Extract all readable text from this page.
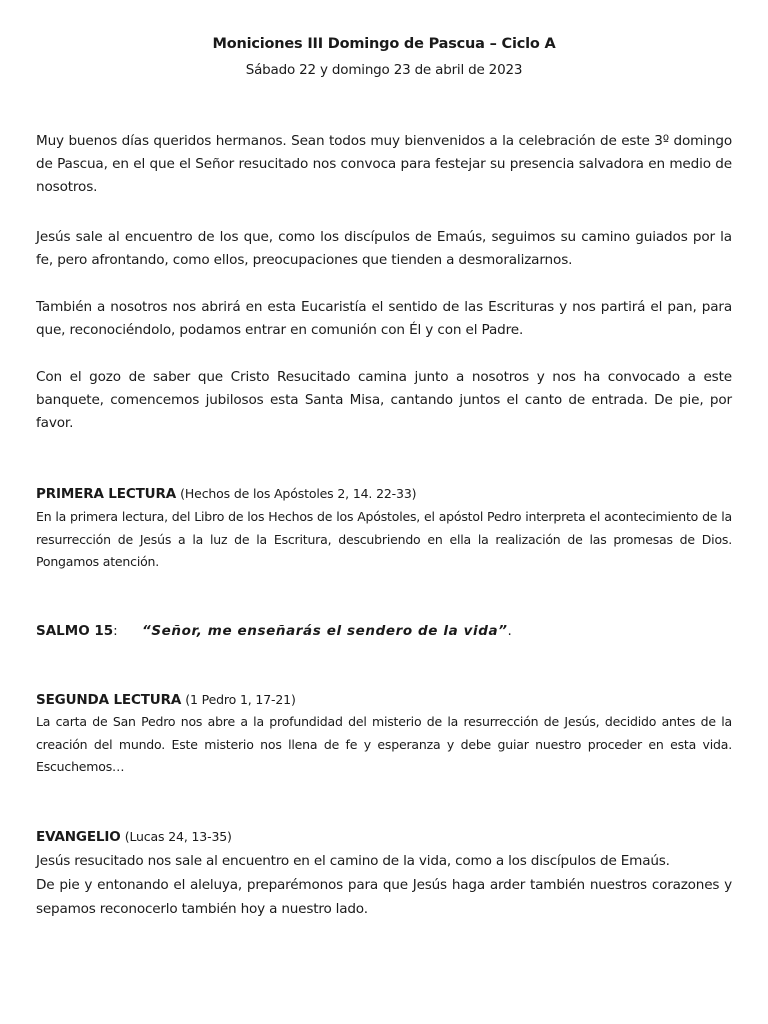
Moniciones III Domingo de Pascua – Ciclo A
Sábado 22 y domingo 23 de abril de 2023

Muy buenos días queridos hermanos. Sean todos muy bienvenidos a la celebración de este 3º domingo de Pascua, en el que el Señor resucitado nos convoca para festejar su presencia salvadora en medio de nosotros.

Jesús sale al encuentro de los que, como los discípulos de Emaús, seguimos su camino guiados por la fe, pero afrontando, como ellos, preocupaciones que tienden a desmoralizarnos.

También a nosotros nos abrirá en esta Eucaristía el sentido de las Escrituras y nos partirá el pan, para que, reconociéndolo, podamos entrar en comunión con Él y con el Padre.

Con el gozo de saber que Cristo Resucitado camina junto a nosotros y nos ha convocado a este banquete, comencemos jubilosos esta Santa Misa, cantando juntos el canto de entrada. De pie, por favor.

PRIMERA LECTURA (Hechos de los Apóstoles 2, 14. 22-33)

En la primera lectura, del Libro de los Hechos de los Apóstoles, el apóstol Pedro interpreta el acontecimiento de la resurrección de Jesús a la luz de la Escritura, descubriendo en ella la realización de las promesas de Dios. Pongamos atención.

SALMO 15: “Señor, me enseñarás el sendero de la vida”.
SEGUNDA LECTURA (1 Pedro 1, 17-21)

La carta de San Pedro nos abre a la profundidad del misterio de la resurrección de Jesús, decidido antes de la creación del mundo. Este misterio nos llena de fe y esperanza y debe guiar nuestro proceder en esta vida. Escuchemos…

EVANGELIO (Lucas 24, 13-35)

Jesús resucitado nos sale al encuentro en el camino de la vida, como a los discípulos de Emaús.

De pie y entonando el aleluya, preparémonos para que Jesús haga arder también nuestros corazones y sepamos reconocerlo también hoy a nuestro lado.
